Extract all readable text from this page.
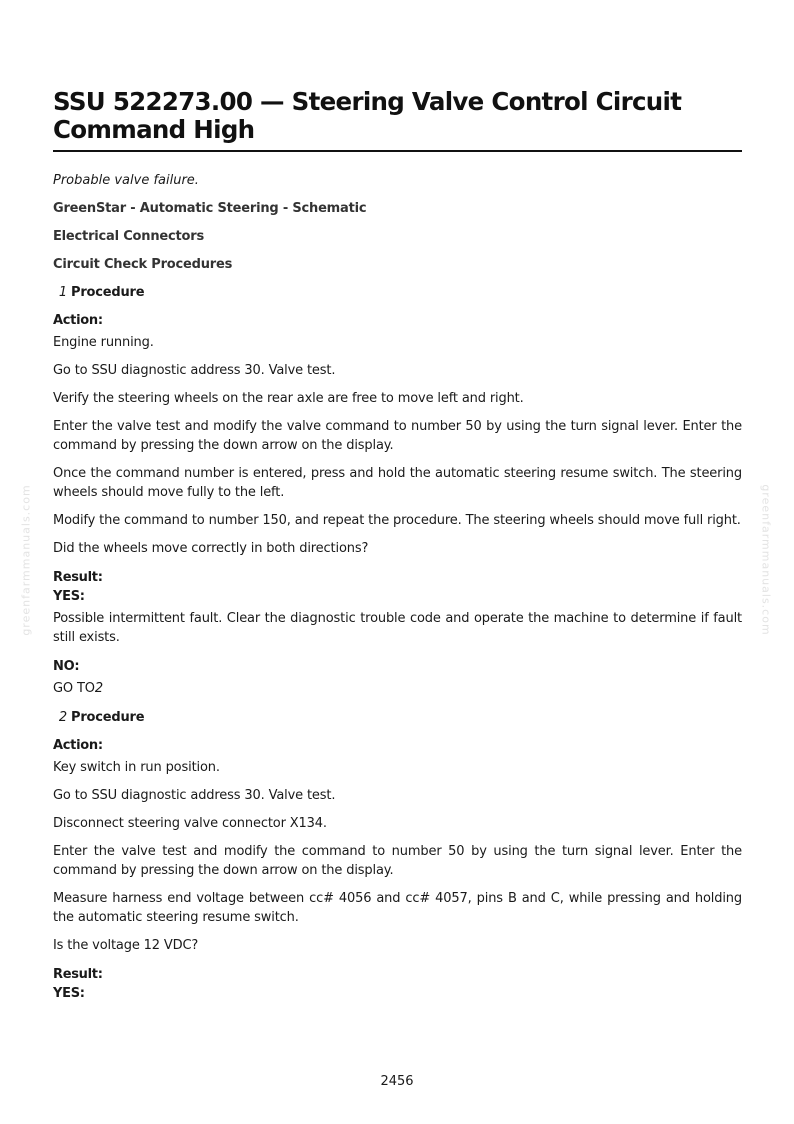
greenfarmmanuals.com	greenfarmmanuals.com
SSU 522273.00 — Steering Valve Control Circuit Command High

Probable valve failure.

GreenStar - Automatic Steering - Schematic
Electrical Connectors
Circuit Check Procedures
1 Procedure
Action:

Engine running.

Go to SSU diagnostic address 30. Valve test.

Verify the steering wheels on the rear axle are free to move left and right.

Enter the valve test and modify the valve command to number 50 by using the turn signal lever. Enter the command by pressing the down arrow on the display.

Once the command number is entered, press and hold the automatic steering resume switch. The steering wheels should move fully to the left.

Modify the command to number 150, and repeat the procedure. The steering wheels should move full right.

Did the wheels move correctly in both directions?

Result:
YES:

Possible intermittent fault. Clear the diagnostic trouble code and operate the machine to determine if fault still exists.

NO:

GO TO2

2 Procedure
Action:

Key switch in run position.

Go to SSU diagnostic address 30. Valve test.

Disconnect steering valve connector X134.

Enter the valve test and modify the command to number 50 by using the turn signal lever. Enter the command by pressing the down arrow on the display.

Measure harness end voltage between cc# 4056 and cc# 4057, pins B and C, while pressing and holding the automatic steering resume switch.

Is the voltage 12 VDC?

Result:
YES:
2456
